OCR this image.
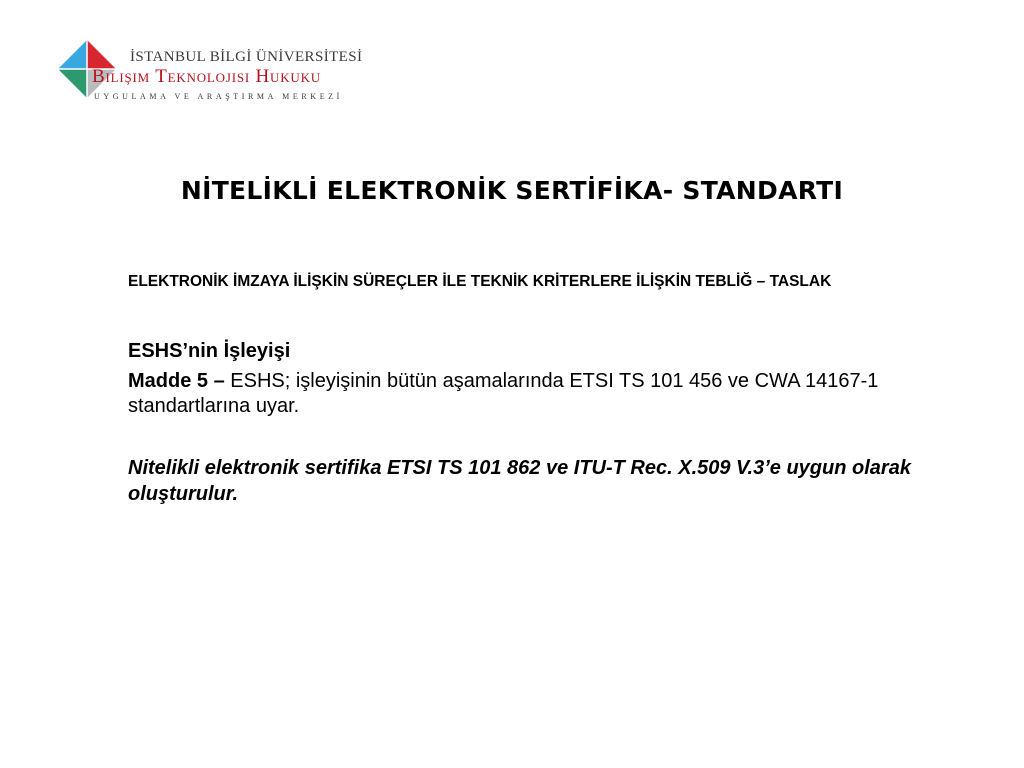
İSTANBUL BİLGİ ÜNİVERSİTESİ
Bilişim Teknolojisi Hukuku
UYGULAMA VE ARAŞTIRMA MERKEZİ
NİTELİKLİ ELEKTRONİK SERTİFİKA- STANDARTI

ELEKTRONİK İMZAYA İLİŞKİN SÜREÇLER İLE TEKNİK KRİTERLERE İLİŞKİN TEBLİĞ – TASLAK

ESHS’nin İşleyişi

Madde 5 – ESHS; işleyişinin bütün aşamalarında ETSI TS 101 456 ve CWA 14167-1 standartlarına uyar.

Nitelikli elektronik sertifika ETSI TS 101 862 ve ITU-T Rec. X.509 V.3’e uygun olarak oluşturulur.
